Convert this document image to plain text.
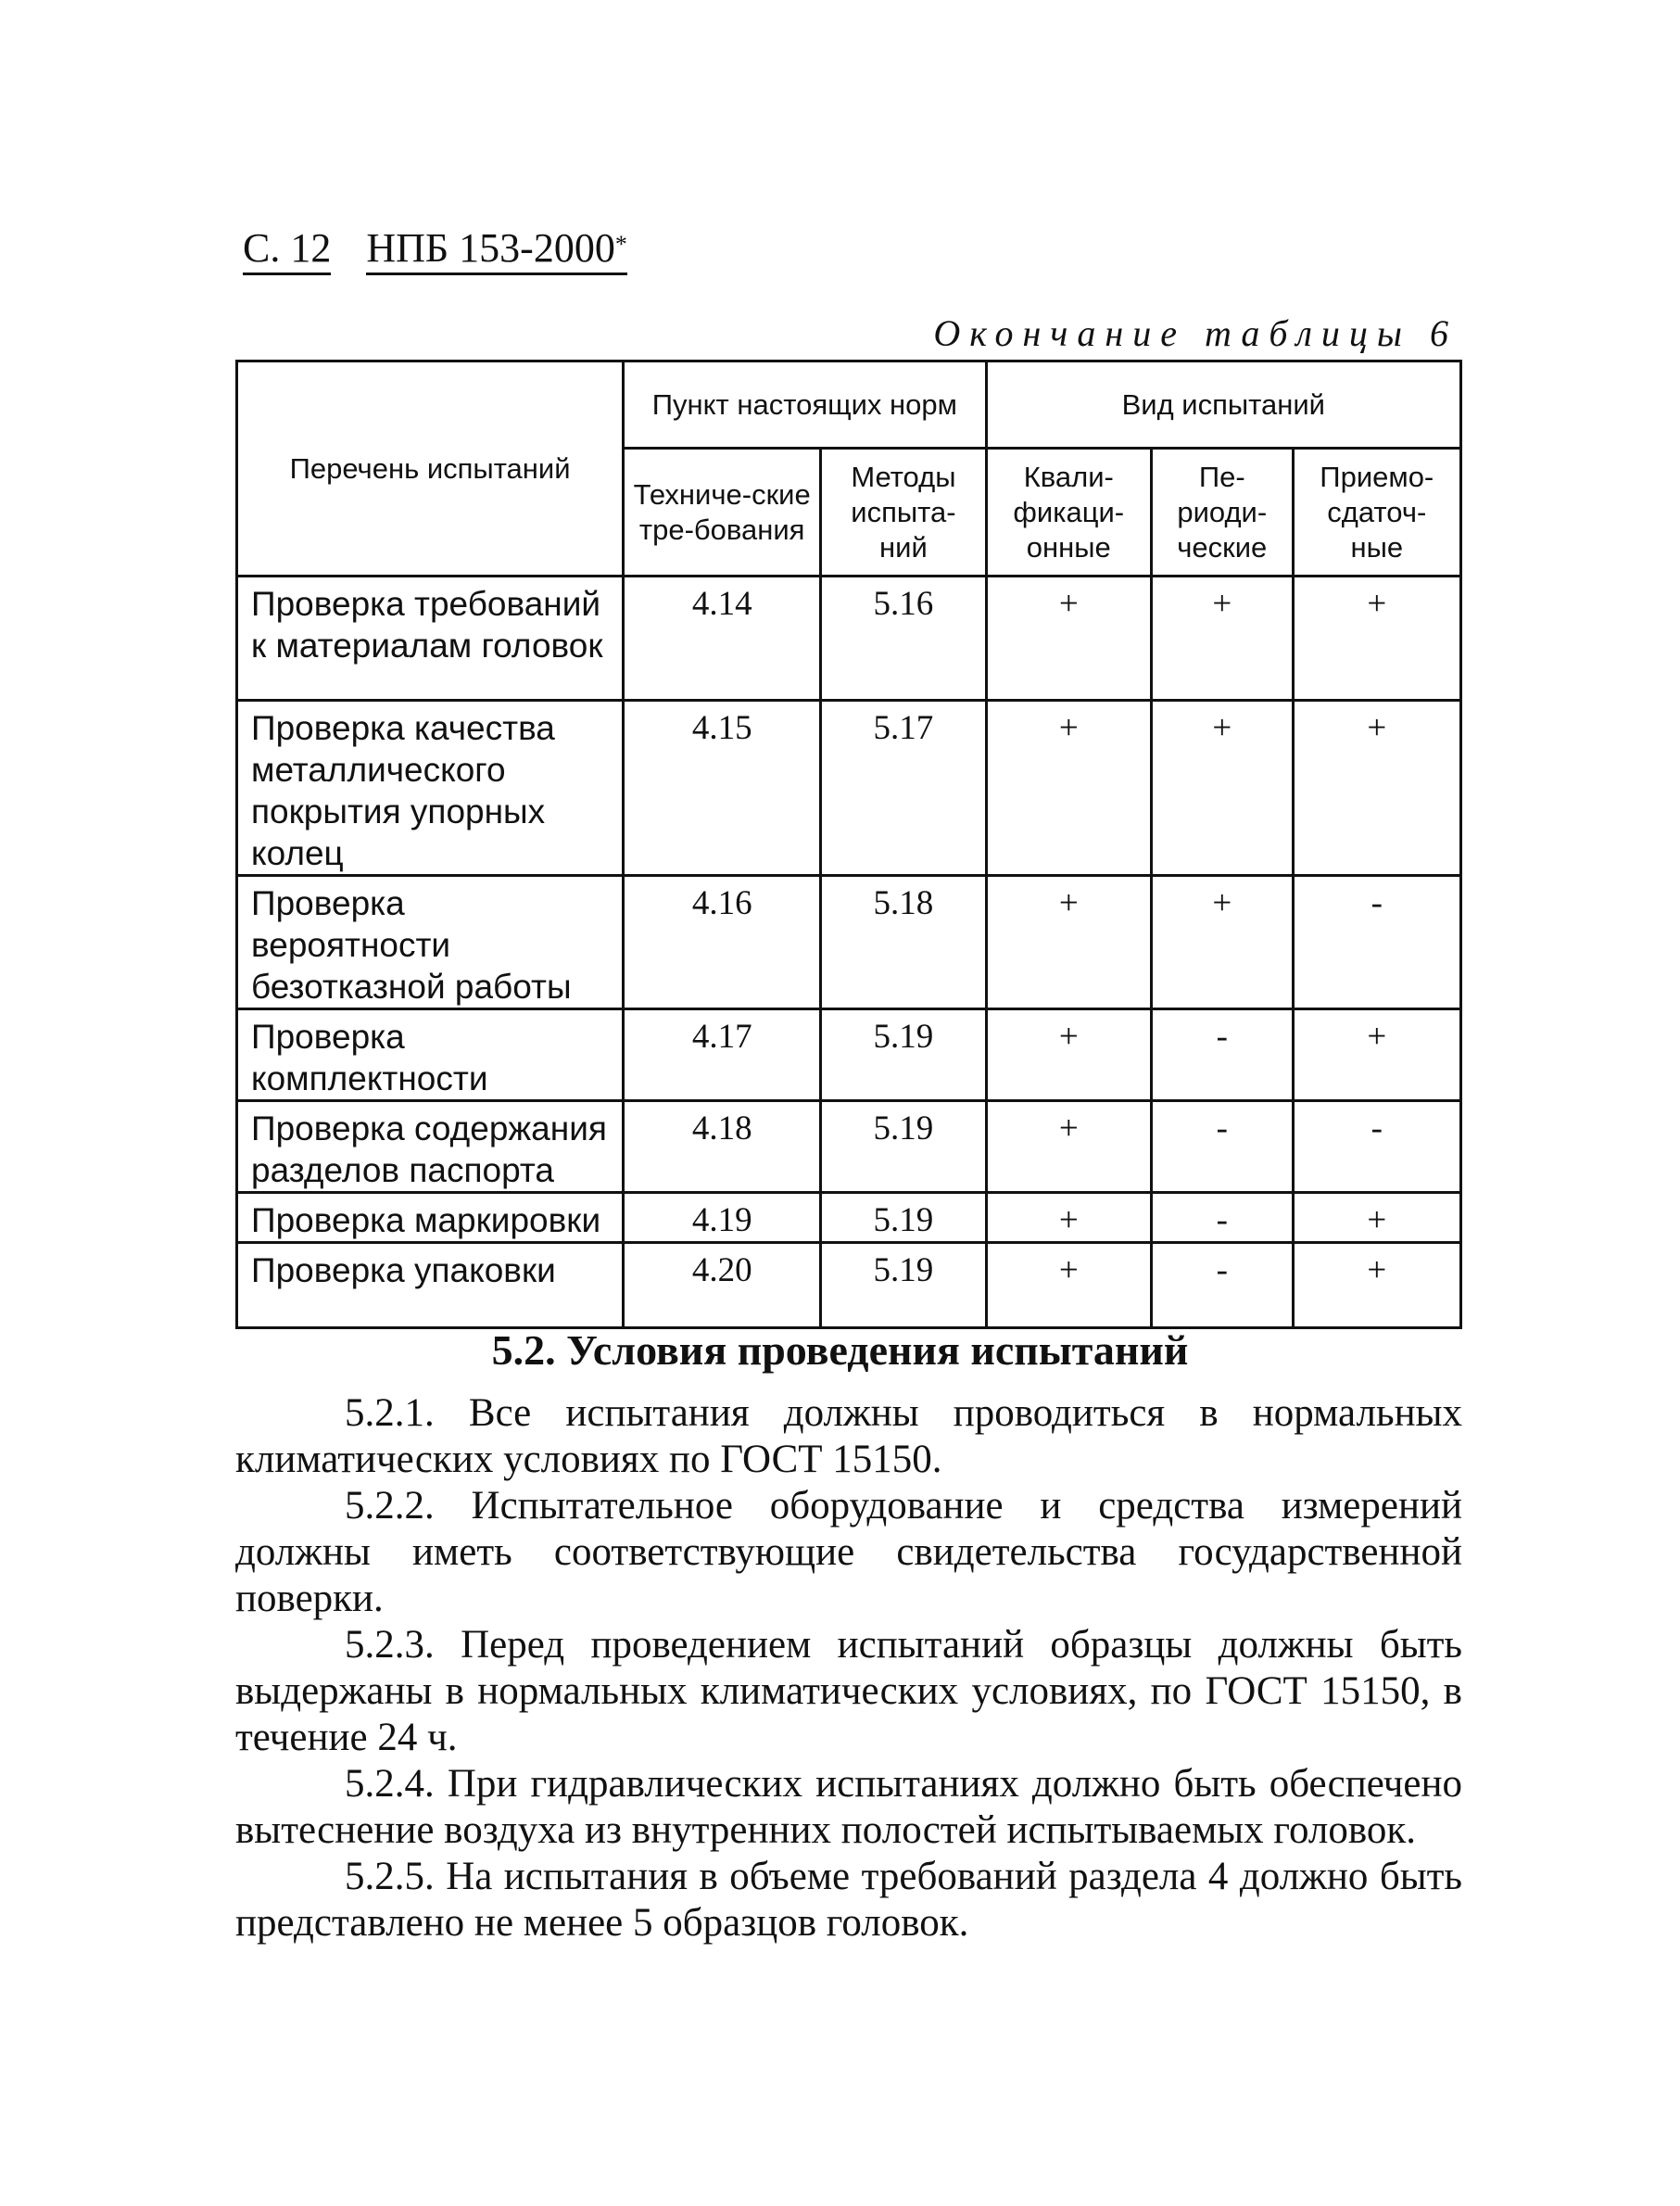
С. 12 НПБ 153-2000*
Окончание таблицы 6
Перечень испытаний	Пункт настоящих норм		Вид испытаний		

	Техниче-ские тре-бования	Методы испыта-ний	Квали-фикаци-онные	Пе-риоди-ческие	Приемо-сдаточ-ные

Проверка требований к материалам головок	4.14	5.16	+	+	+
Проверка качества металлического покрытия упорных колец	4.15	5.17	+	+	+
Проверка вероятности безотказной работы	4.16	5.18	+	+	-
Проверка комплектности	4.17	5.19	+	-	+
Проверка содержания разделов паспорта	4.18	5.19	+	-	-
Проверка маркировки	4.19	5.19	+	-	+
Проверка упаковки	4.20	5.19	+	-	+
5.2. Условия проведения испытаний

5.2.1. Все испытания должны проводиться в нормальных климатических условиях по ГОСТ 15150.

5.2.2. Испытательное оборудование и средства измерений должны иметь соответствующие свидетельства государственной поверки.

5.2.3. Перед проведением испытаний образцы должны быть выдержаны в нормальных климатических условиях, по ГОСТ 15150, в течение 24 ч.

5.2.4. При гидравлических испытаниях должно быть обеспечено вытеснение воздуха из внутренних полостей испытываемых головок.

5.2.5. На испытания в объеме требований раздела 4 должно быть представлено не менее 5 образцов головок.
